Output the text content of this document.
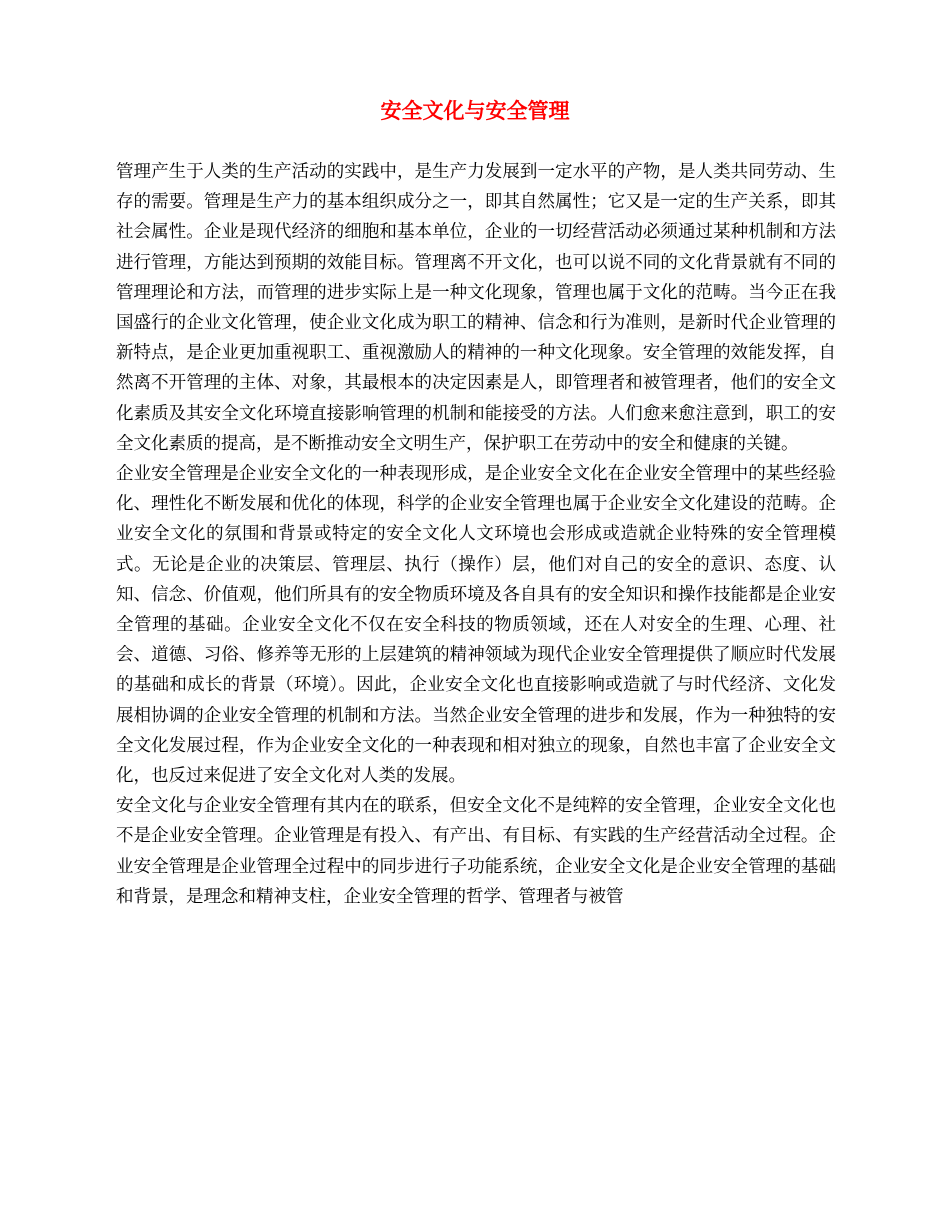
安全文化与安全管理

管理产生于人类的生产活动的实践中，是生产力发展到一定水平的产物，是人类共同劳动、生存的需要。管理是生产力的基本组织成分之一，即其自然属性；它又是一定的生产关系，即其社会属性。企业是现代经济的细胞和基本单位，企业的一切经营活动必须通过某种机制和方法进行管理，方能达到预期的效能目标。管理离不开文化，也可以说不同的文化背景就有不同的管理理论和方法，而管理的进步实际上是一种文化现象，管理也属于文化的范畴。当今正在我国盛行的企业文化管理，使企业文化成为职工的精神、信念和行为准则，是新时代企业管理的新特点，是企业更加重视职工、重视激励人的精神的一种文化现象。安全管理的效能发挥，自然离不开管理的主体、对象，其最根本的决定因素是人，即管理者和被管理者，他们的安全文化素质及其安全文化环境直接影响管理的机制和能接受的方法。人们愈来愈注意到，职工的安全文化素质的提高，是不断推动安全文明生产，保护职工在劳动中的安全和健康的关键。

企业安全管理是企业安全文化的一种表现形成，是企业安全文化在企业安全管理中的某些经验化、理性化不断发展和优化的体现，科学的企业安全管理也属于企业安全文化建设的范畴。企业安全文化的氛围和背景或特定的安全文化人文环境也会形成或造就企业特殊的安全管理模式。无论是企业的决策层、管理层、执行（操作）层，他们对自己的安全的意识、态度、认知、信念、价值观，他们所具有的安全物质环境及各自具有的安全知识和操作技能都是企业安全管理的基础。企业安全文化不仅在安全科技的物质领域，还在人对安全的生理、心理、社会、道德、习俗、修养等无形的上层建筑的精神领域为现代企业安全管理提供了顺应时代发展的基础和成长的背景（环境）。因此，企业安全文化也直接影响或造就了与时代经济、文化发展相协调的企业安全管理的机制和方法。当然企业安全管理的进步和发展，作为一种独特的安全文化发展过程，作为企业安全文化的一种表现和相对独立的现象，自然也丰富了企业安全文化，也反过来促进了安全文化对人类的发展。

安全文化与企业安全管理有其内在的联系，但安全文化不是纯粹的安全管理，企业安全文化也不是企业安全管理。企业管理是有投入、有产出、有目标、有实践的生产经营活动全过程。企业安全管理是企业管理全过程中的同步进行子功能系统，企业安全文化是企业安全管理的基础和背景，是理念和精神支柱，企业安全管理的哲学、管理者与被管
